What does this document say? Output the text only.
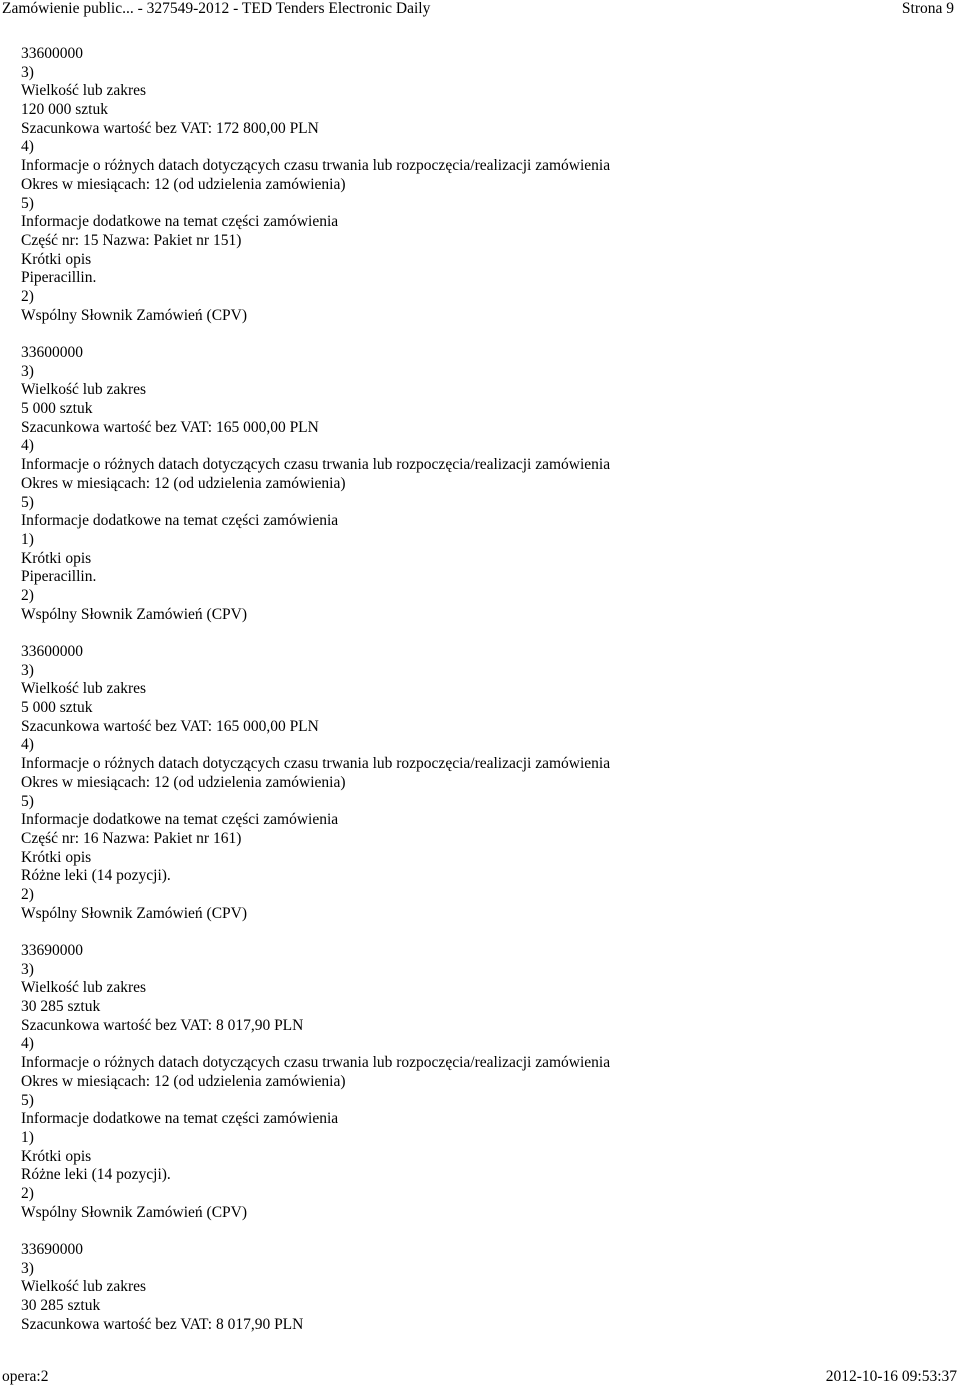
Zamówienie public... - 327549-2012 - TED Tenders Electronic Daily	Strona 9
33600000
3)
Wielkość lub zakres
120 000 sztuk
Szacunkowa wartość bez VAT: 172 800,00 PLN
4)
Informacje o różnych datach dotyczących czasu trwania lub rozpoczęcia/realizacji zamówienia
Okres w miesiącach: 12 (od udzielenia zamówienia)
5)
Informacje dodatkowe na temat części zamówienia
Część nr: 15 Nazwa: Pakiet nr 151)
Krótki opis
Piperacillin.
2)
Wspólny Słownik Zamówień (CPV)
33600000
3)
Wielkość lub zakres
5 000 sztuk
Szacunkowa wartość bez VAT: 165 000,00 PLN
4)
Informacje o różnych datach dotyczących czasu trwania lub rozpoczęcia/realizacji zamówienia
Okres w miesiącach: 12 (od udzielenia zamówienia)
5)
Informacje dodatkowe na temat części zamówienia
1)
Krótki opis
Piperacillin.
2)
Wspólny Słownik Zamówień (CPV)
33600000
3)
Wielkość lub zakres
5 000 sztuk
Szacunkowa wartość bez VAT: 165 000,00 PLN
4)
Informacje o różnych datach dotyczących czasu trwania lub rozpoczęcia/realizacji zamówienia
Okres w miesiącach: 12 (od udzielenia zamówienia)
5)
Informacje dodatkowe na temat części zamówienia
Część nr: 16 Nazwa: Pakiet nr 161)
Krótki opis
Różne leki (14 pozycji).
2)
Wspólny Słownik Zamówień (CPV)
33690000
3)
Wielkość lub zakres
30 285 sztuk
Szacunkowa wartość bez VAT: 8 017,90 PLN
4)
Informacje o różnych datach dotyczących czasu trwania lub rozpoczęcia/realizacji zamówienia
Okres w miesiącach: 12 (od udzielenia zamówienia)
5)
Informacje dodatkowe na temat części zamówienia
1)
Krótki opis
Różne leki (14 pozycji).
2)
Wspólny Słownik Zamówień (CPV)
33690000
3)
Wielkość lub zakres
30 285 sztuk
Szacunkowa wartość bez VAT: 8 017,90 PLN
opera:2	2012-10-16 09:53:37
